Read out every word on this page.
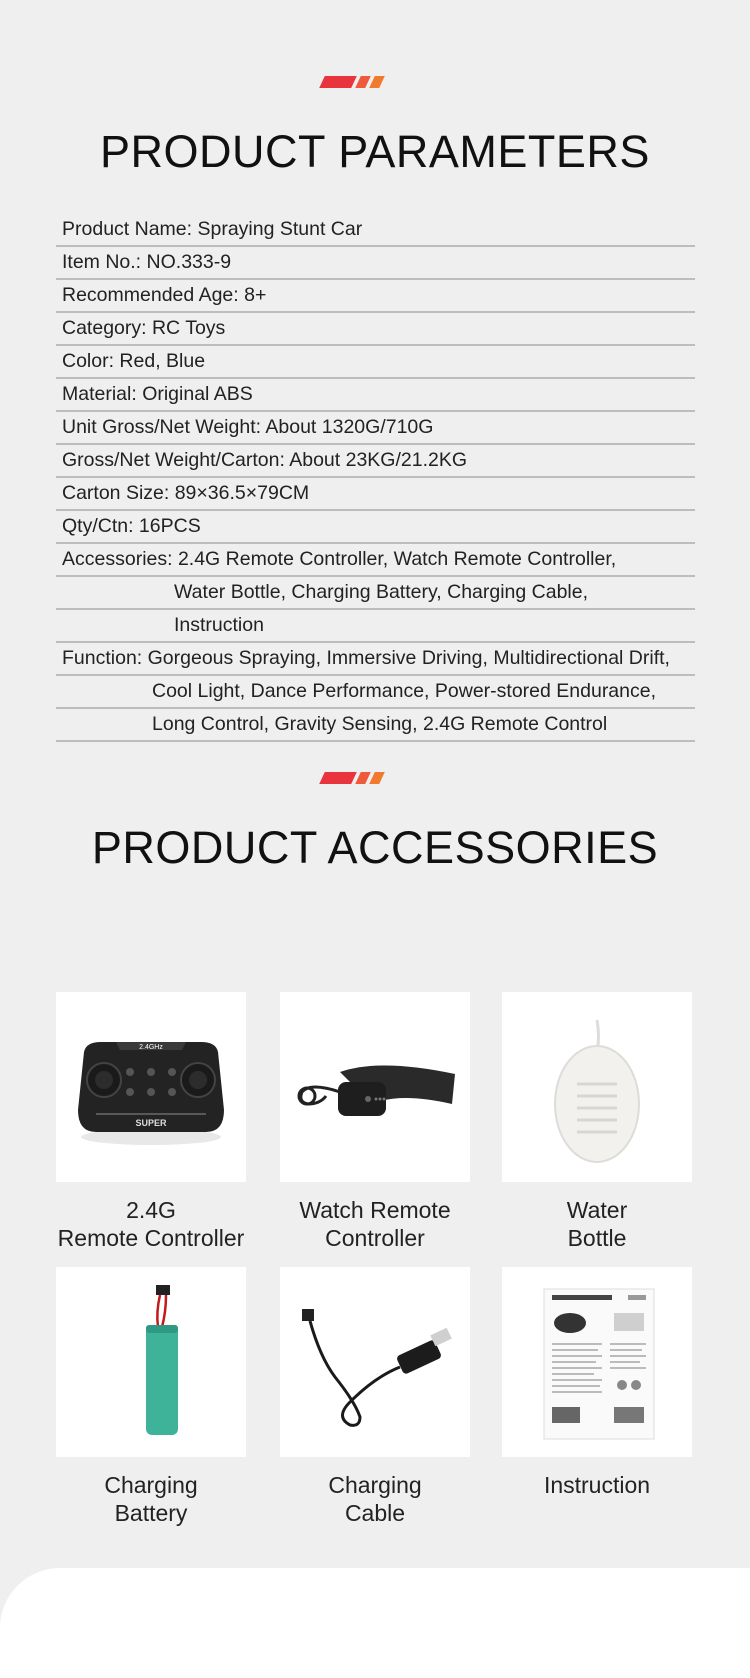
PRODUCT PARAMETERS
Product Name: Spraying Stunt Car
Item No.: NO.333-9
Recommended Age: 8+
Category: RC Toys
Color: Red, Blue
Material: Original ABS
Unit Gross/Net Weight: About 1320G/710G
Gross/Net Weight/Carton: About 23KG/21.2KG
Carton Size: 89×36.5×79CM
Qty/Ctn: 16PCS
Accessories: 2.4G Remote Controller, Watch Remote Controller,
Water Bottle, Charging Battery, Charging Cable,
Instruction
Function: Gorgeous Spraying, Immersive Driving, Multidirectional Drift,
Cool Light, Dance Performance, Power-stored Endurance,
Long Control, Gravity Sensing, 2.4G Remote Control
PRODUCT ACCESSORIES
2.4GHz
SUPER
2.4G
Remote Controller
Watch Remote
Controller
Water
Bottle
Charging
Battery
Charging
Cable
Instruction
